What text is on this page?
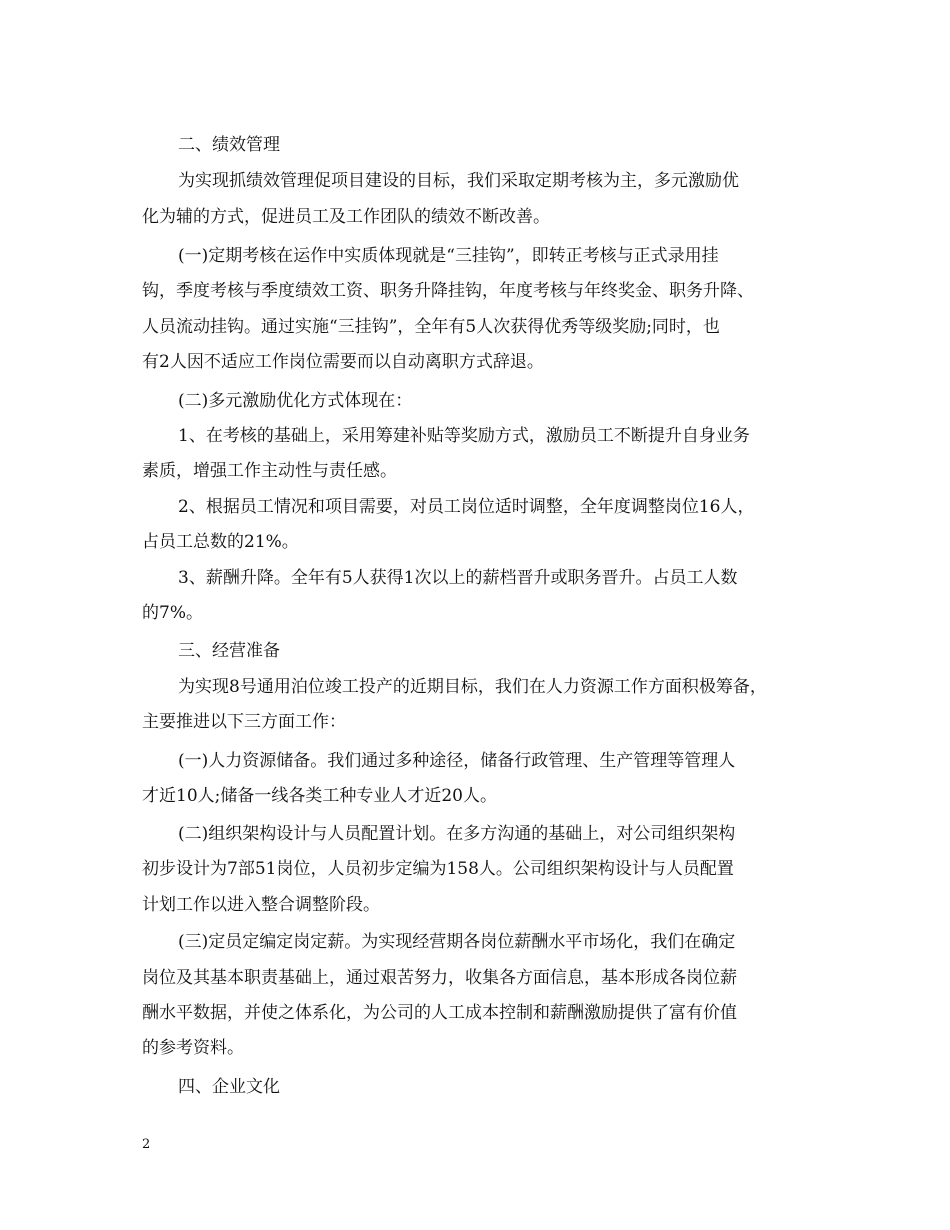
二、绩效管理
为实现抓绩效管理促项目建设的目标，我们采取定期考核为主，多元激励优
化为辅的方式，促进员工及工作团队的绩效不断改善。
(一)定期考核在运作中实质体现就是“三挂钩”，即转正考核与正式录用挂
钩，季度考核与季度绩效工资、职务升降挂钩，年度考核与年终奖金、职务升降、
人员流动挂钩。通过实施“三挂钩”，全年有5人次获得优秀等级奖励;同时，也
有2人因不适应工作岗位需要而以自动离职方式辞退。
(二)多元激励优化方式体现在：
1、在考核的基础上，采用筹建补贴等奖励方式，激励员工不断提升自身业务
素质，增强工作主动性与责任感。
2、根据员工情况和项目需要，对员工岗位适时调整，全年度调整岗位16人，
占员工总数的21%。
3、薪酬升降。全年有5人获得1次以上的薪档晋升或职务晋升。占员工人数
的7%。
三、经营准备
为实现8号通用泊位竣工投产的近期目标，我们在人力资源工作方面积极筹备，
主要推进以下三方面工作：
(一)人力资源储备。我们通过多种途径，储备行政管理、生产管理等管理人
才近10人;储备一线各类工种专业人才近20人。
(二)组织架构设计与人员配置计划。在多方沟通的基础上，对公司组织架构
初步设计为7部51岗位，人员初步定编为158人。公司组织架构设计与人员配置
计划工作以进入整合调整阶段。
(三)定员定编定岗定薪。为实现经营期各岗位薪酬水平市场化，我们在确定
岗位及其基本职责基础上，通过艰苦努力，收集各方面信息，基本形成各岗位薪
酬水平数据，并使之体系化，为公司的人工成本控制和薪酬激励提供了富有价值
的参考资料。
四、企业文化
2
